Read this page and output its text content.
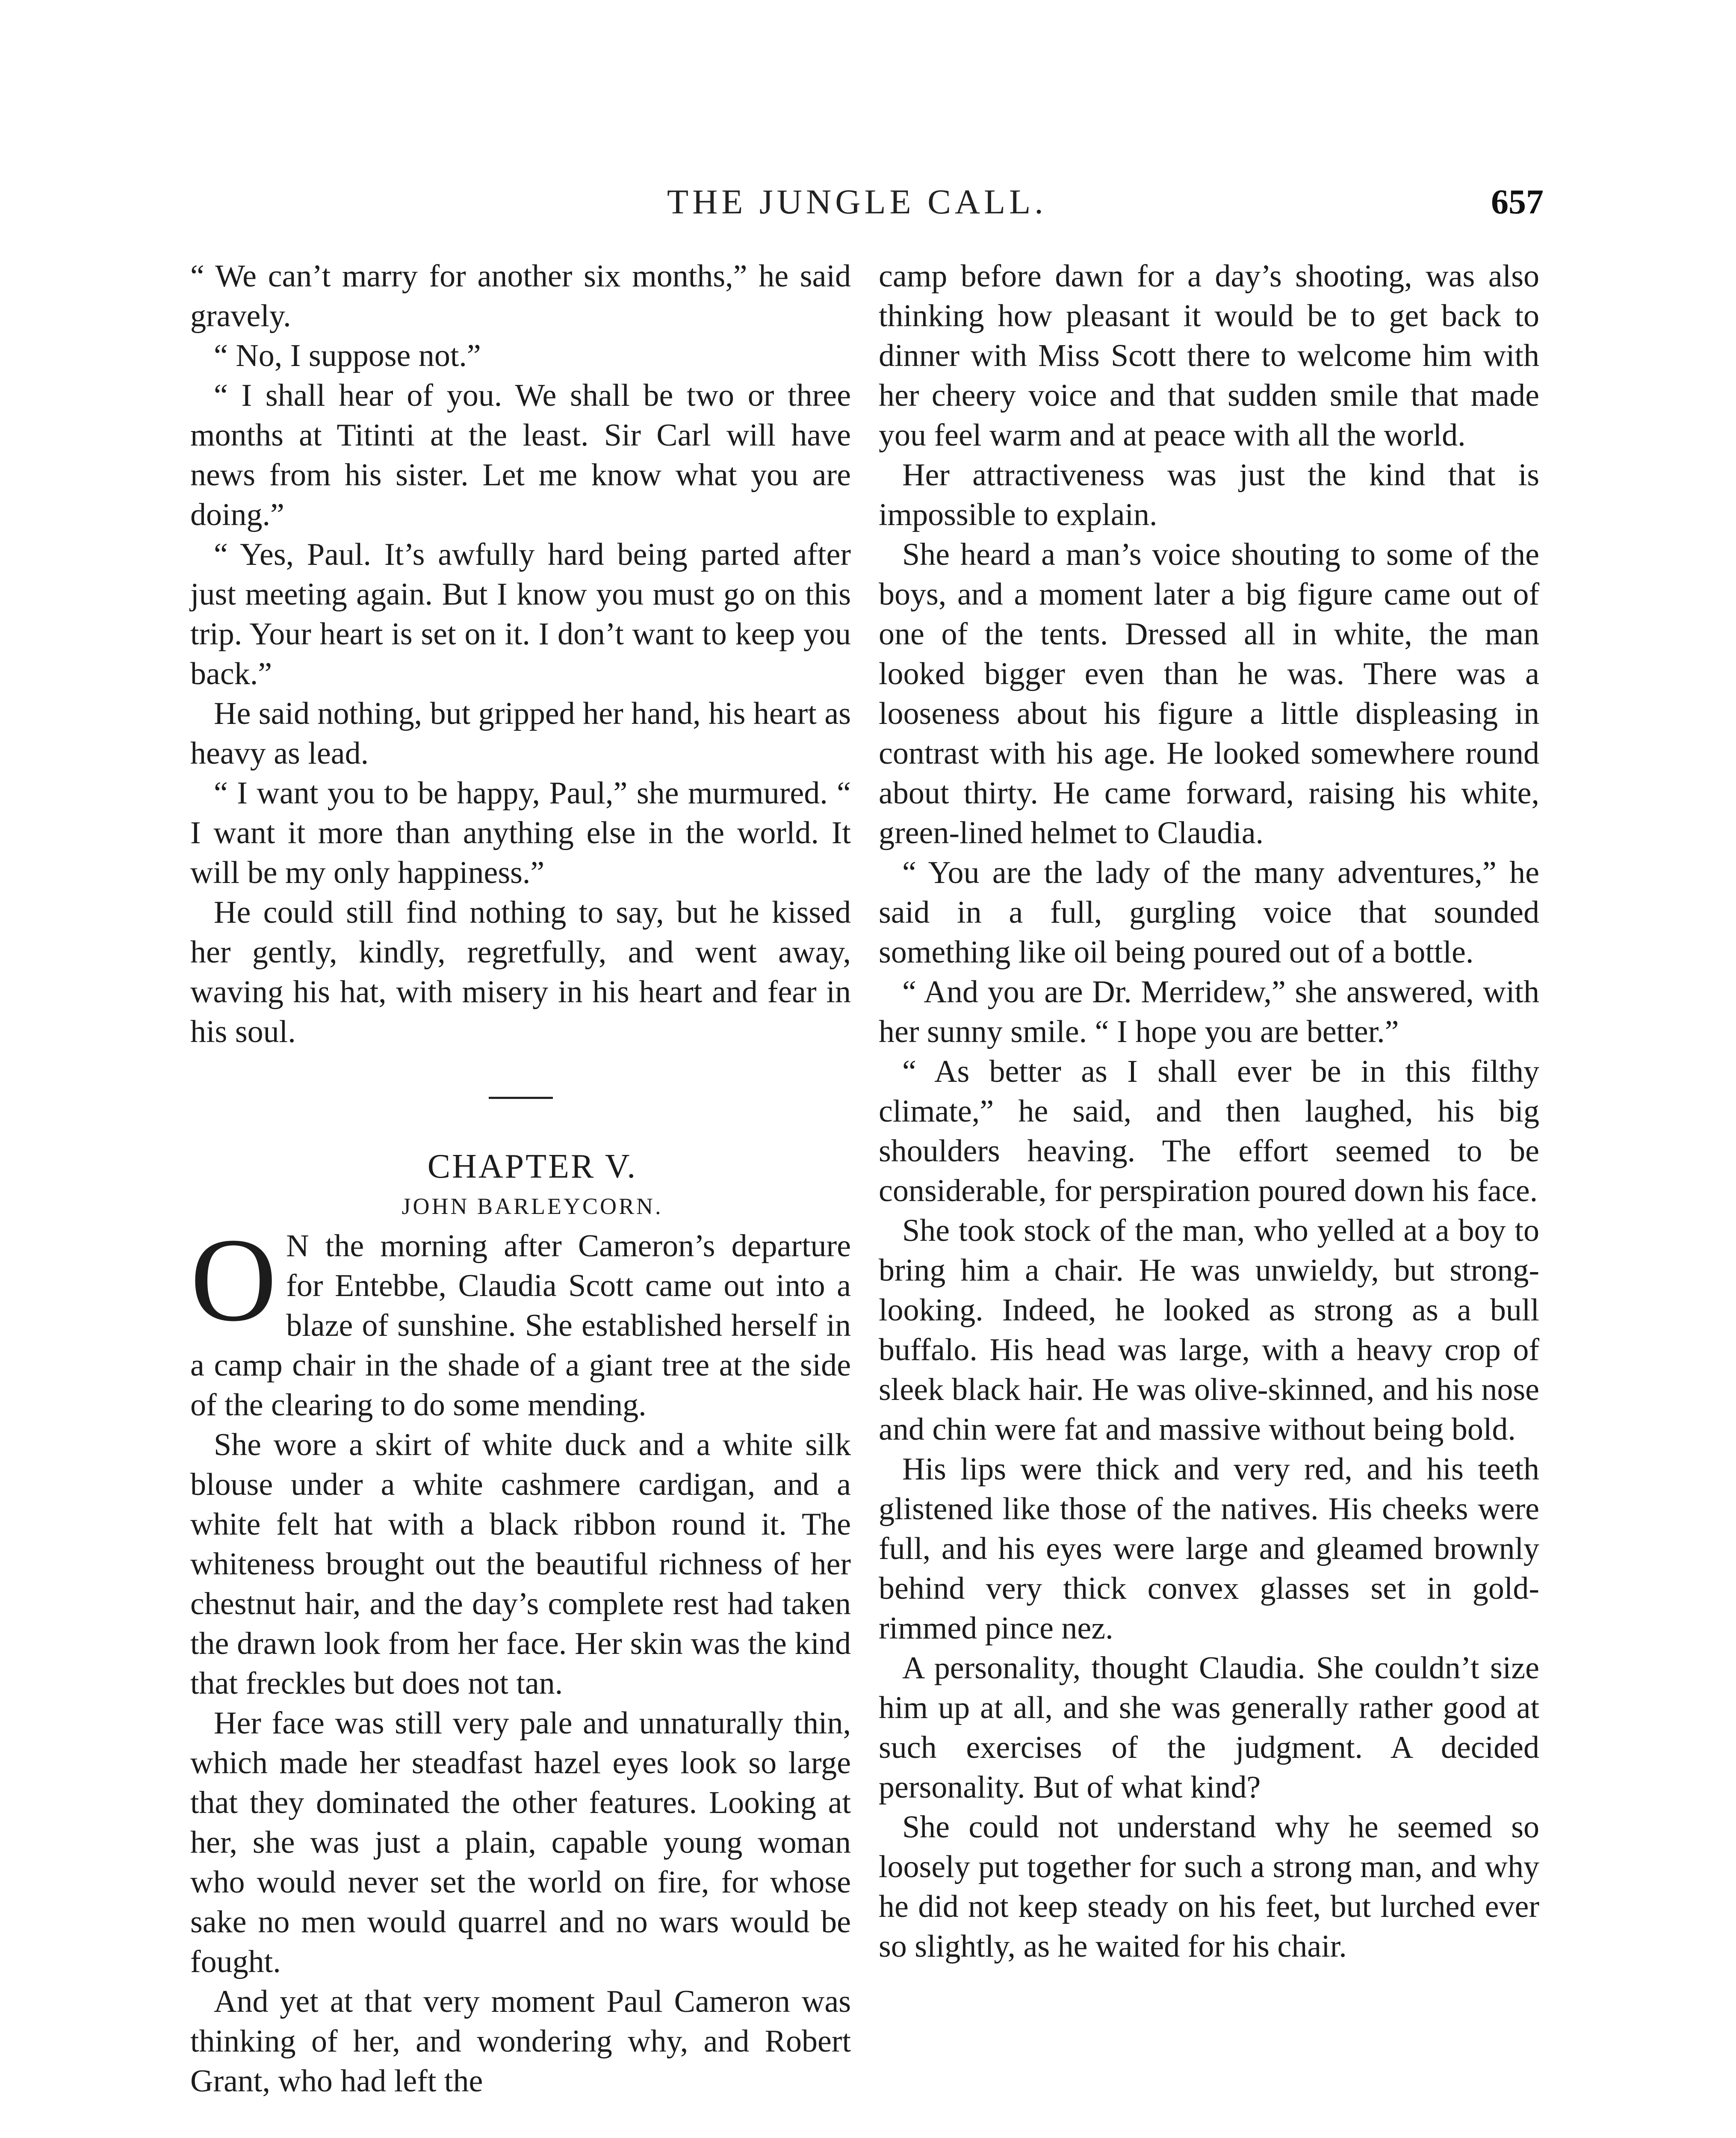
THE JUNGLE CALL.	657

“ We can’t marry for another six months,” he said gravely.

“ No, I suppose not.”

“ I shall hear of you. We shall be two or three months at Titinti at the least. Sir Carl will have news from his sister. Let me know what you are doing.”

“ Yes, Paul. It’s awfully hard being parted after just meeting again. But I know you must go on this trip. Your heart is set on it. I don’t want to keep you back.”

He said nothing, but gripped her hand, his heart as heavy as lead.

“ I want you to be happy, Paul,” she murmured. “ I want it more than anything else in the world. It will be my only happiness.”

He could still find nothing to say, but he kissed her gently, kindly, regretfully, and went away, waving his hat, with misery in his heart and fear in his soul.

CHAPTER V.

JOHN BARLEYCORN.

O N the morning after Cameron’s departure for Entebbe, Claudia Scott came out into a blaze of sunshine. She established herself in a camp chair in the shade of a giant tree at the side of the clearing to do some mending.

She wore a skirt of white duck and a white silk blouse under a white cashmere cardigan, and a white felt hat with a black ribbon round it. The whiteness brought out the beautiful richness of her chestnut hair, and the day’s complete rest had taken the drawn look from her face. Her skin was the kind that freckles but does not tan.

Her face was still very pale and unnaturally thin, which made her steadfast hazel eyes look so large that they dominated the other features. Looking at her, she was just a plain, capable young woman who would never set the world on fire, for whose sake no men would quarrel and no wars would be fought.

And yet at that very moment Paul Cameron was thinking of her, and wondering why, and Robert Grant, who had left the

camp before dawn for a day’s shooting, was also thinking how pleasant it would be to get back to dinner with Miss Scott there to welcome him with her cheery voice and that sudden smile that made you feel warm and at peace with all the world.

Her attractiveness was just the kind that is impossible to explain.

She heard a man’s voice shouting to some of the boys, and a moment later a big figure came out of one of the tents. Dressed all in white, the man looked bigger even than he was. There was a looseness about his figure a little displeasing in contrast with his age. He looked somewhere round about thirty. He came forward, raising his white, green-lined helmet to Claudia.

“ You are the lady of the many adventures,” he said in a full, gurgling voice that sounded something like oil being poured out of a bottle.

“ And you are Dr. Merridew,” she answered, with her sunny smile. “ I hope you are better.”

“ As better as I shall ever be in this filthy climate,” he said, and then laughed, his big shoulders heaving. The effort seemed to be considerable, for perspiration poured down his face.

She took stock of the man, who yelled at a boy to bring him a chair. He was unwieldy, but strong-looking. Indeed, he looked as strong as a bull buffalo. His head was large, with a heavy crop of sleek black hair. He was olive-skinned, and his nose and chin were fat and massive without being bold.

His lips were thick and very red, and his teeth glistened like those of the natives. His cheeks were full, and his eyes were large and gleamed brownly behind very thick convex glasses set in gold-rimmed pince nez.

A personality, thought Claudia. She couldn’t size him up at all, and she was generally rather good at such exercises of the judgment. A decided personality. But of what kind?

She could not understand why he seemed so loosely put together for such a strong man, and why he did not keep steady on his feet, but lurched ever so slightly, as he waited for his chair.
